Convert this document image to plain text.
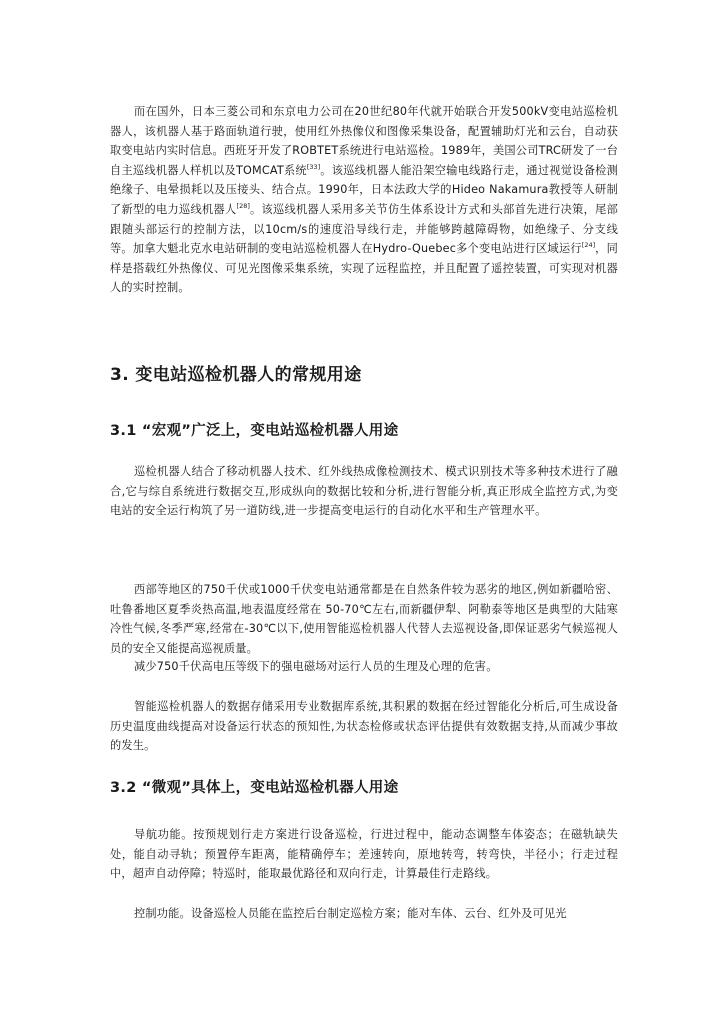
而在国外，日本三菱公司和东京电力公司在20世纪80年代就开始联合开发500kV变电站巡检机器人，该机器人基于路面轨道行驶，使用红外热像仪和图像采集设备，配置辅助灯光和云台，自动获取变电站内实时信息。西班牙开发了ROBTET系统进行电站巡检。1989年，美国公司TRC研发了一台自主巡线机器人样机以及TOMCAT系统[33]。该巡线机器人能沿架空输电线路行走，通过视觉设备检测绝缘子、电晕损耗以及压接头、结合点。1990年，日本法政大学的Hideo Nakamura教授等人研制了新型的电力巡线机器人[28]。该巡线机器人采用多关节仿生体系设计方式和头部首先进行决策，尾部跟随头部运行的控制方法，以10cm/s的速度沿导线行走，并能够跨越障碍物，如绝缘子、分支线等。加拿大魁北克水电站研制的变电站巡检机器人在Hydro-Quebec多个变电站进行区域运行[24]，同样是搭载红外热像仪、可见光图像采集系统，实现了远程监控，并且配置了遥控装置，可实现对机器人的实时控制。

3. 变电站巡检机器人的常规用途
3.1 “宏观”广泛上，变电站巡检机器人用途

巡检机器人结合了移动机器人技术、红外线热成像检测技术、模式识别技术等多种技术进行了融合,它与综自系统进行数据交互,形成纵向的数据比较和分析,进行智能分析,真正形成全监控方式,为变电站的安全运行构筑了另一道防线,进一步提高变电运行的自动化水平和生产管理水平。

西部等地区的750千伏或1000千伏变电站通常都是在自然条件较为恶劣的地区,例如新疆哈密、吐鲁番地区夏季炎热高温,地表温度经常在 50-70℃左右,而新疆伊犁、阿勒泰等地区是典型的大陆寒冷性气候,冬季严寒,经常在-30℃以下,使用智能巡检机器人代替人去巡视设备,即保证恶劣气候巡视人员的安全又能提高巡视质量。

减少750千伏高电压等级下的强电磁场对运行人员的生理及心理的危害。

智能巡检机器人的数据存储采用专业数据库系统,其积累的数据在经过智能化分析后,可生成设备历史温度曲线提高对设备运行状态的预知性,为状态检修或状态评估提供有效数据支持,从而减少事故的发生。

3.2 “微观”具体上，变电站巡检机器人用途

导航功能。按预规划行走方案进行设备巡检，行进过程中，能动态调整车体姿态；在磁轨缺失处，能自动寻轨；预置停车距离，能精确停车；差速转向，原地转弯，转弯快，半径小；行走过程中，超声自动停障；特巡时，能取最优路径和双向行走，计算最佳行走路线。

控制功能。设备巡检人员能在监控后台制定巡检方案；能对车体、云台、红外及可见光
